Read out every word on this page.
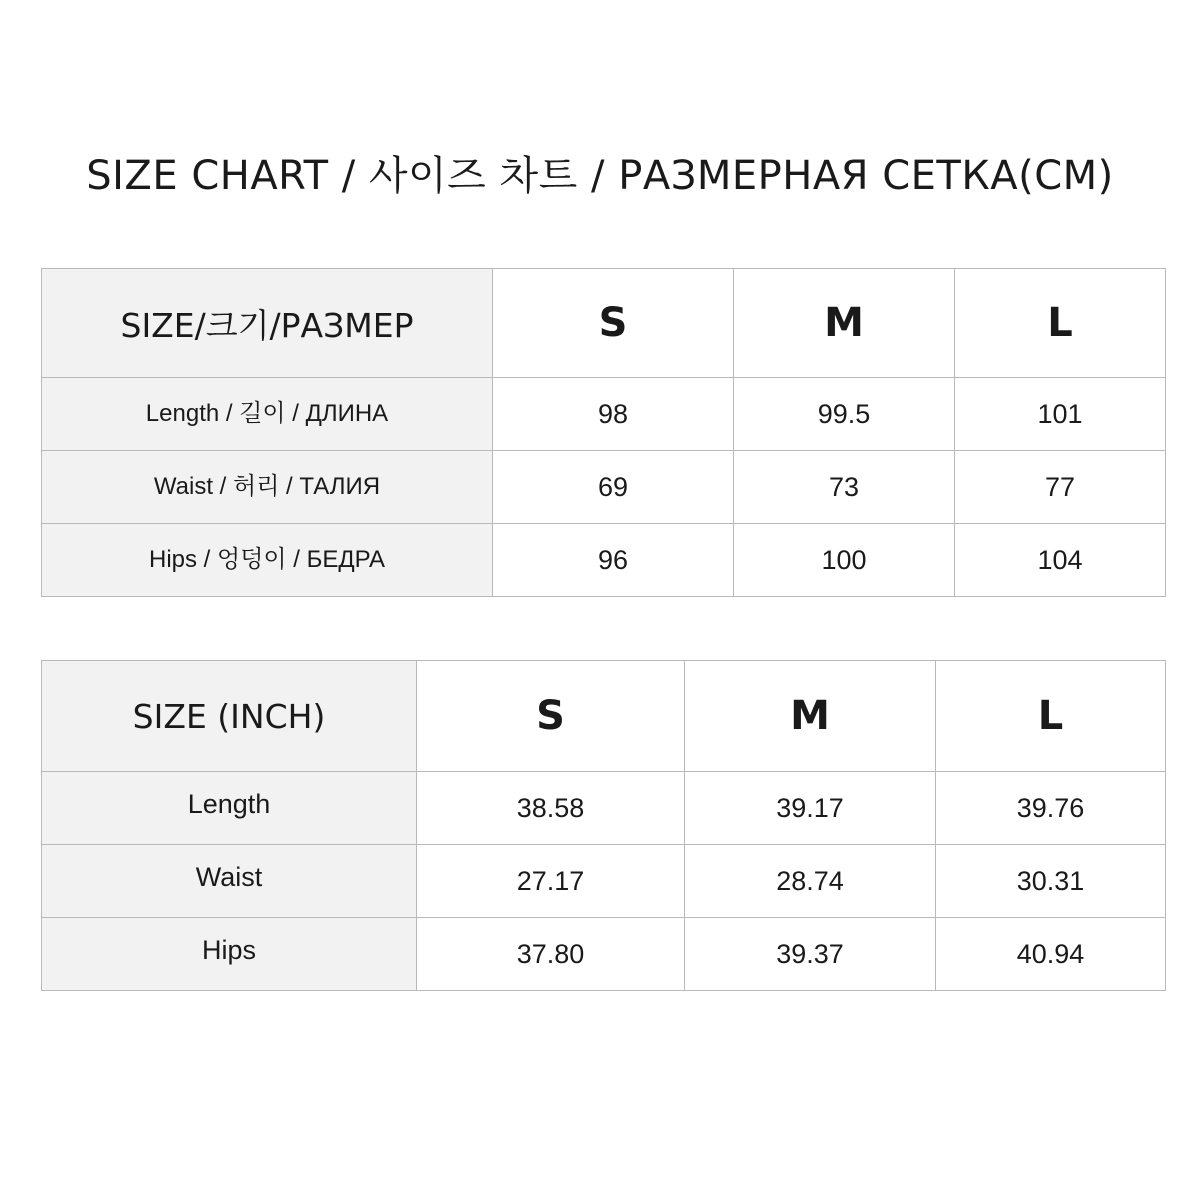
SIZE CHART / 사이즈 차트 / РАЗМЕРНАЯ СЕТКА(CM)
SIZE/크기/РАЗМЕР	S	M	L
Length / 길이 / ДЛИНА	98	99.5	101
Waist / 허리 / ТАЛИЯ	69	73	77
Hips / 엉덩이 / БЕДРА	96	100	104
SIZE (INCH)	S	M	L
Length	38.58	39.17	39.76
Waist	27.17	28.74	30.31
Hips	37.80	39.37	40.94
